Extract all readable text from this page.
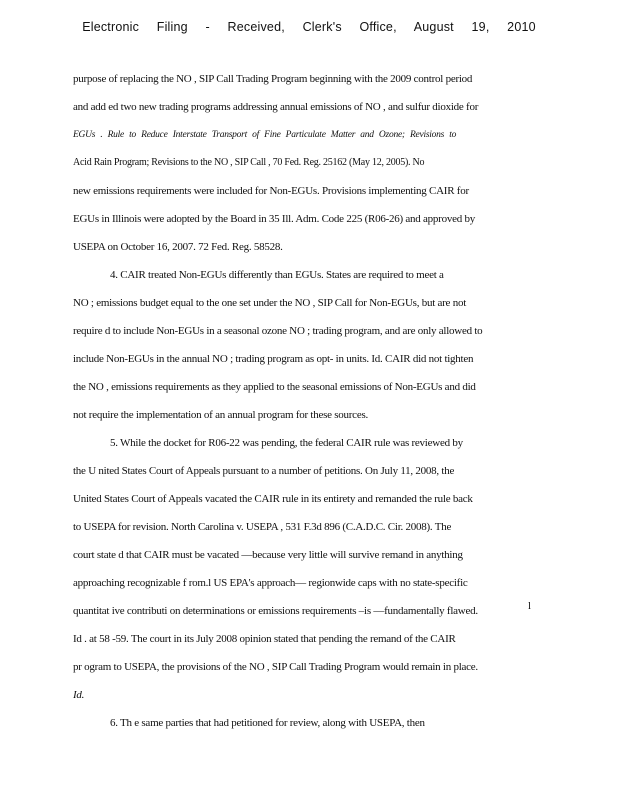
Electronic Filing - Received, Clerk's Office, August 19, 2010
purpose of replacing the NO , SIP Call Trading Program beginning with the 2009 control period
and add ed two new trading programs addressing annual emissions of NO , and sulfur dioxide for
EGUs . Rule to Reduce Interstate Transport of Fine Particulate Matter and Ozone; Revisions to
Acid Rain Program; Revisions to the NO , SIP Call , 70 Fed. Reg. 25162 (May 12, 2005). No
new emissions requirements were included for Non-EGUs. Provisions implementing CAIR for
EGUs in Illinois were adopted by the Board in 35 Ill. Adm. Code 225 (R06-26) and approved by
USEPA on October 16, 2007. 72 Fed. Reg. 58528.
4. CAIR treated Non-EGUs differently than EGUs. States are required to meet a
NO ; emissions budget equal to the one set under the NO , SIP Call for Non-EGUs, but are not
require d to include Non-EGUs in a seasonal ozone NO ; trading program, and are only allowed to
include Non-EGUs in the annual NO ; trading program as opt- in units. Id. CAIR did not tighten
the NO , emissions requirements as they applied to the seasonal emissions of Non-EGUs and did
not require the implementation of an annual program for these sources.
5. While the docket for R06-22 was pending, the federal CAIR rule was reviewed by
the U nited States Court of Appeals pursuant to a number of petitions. On July 11, 2008, the
United States Court of Appeals vacated the CAIR rule in its entirety and remanded the rule back
to USEPA for revision. North Carolina v. USEPA , 531 F.3d 896 (C.A.D.C. Cir. 2008). The
court state d that CAIR must be vacated —because very little will survive remand in anything
approaching recognizable f rom.l US EPA's approach— regionwide caps with no state-specific
quantitat ive contributi on determinations or emissions requirements –is —fundamentally flawed.
Id . at 58 -59. The court in its July 2008 opinion stated that pending the remand of the CAIR
pr ogram to USEPA, the provisions of the NO , SIP Call Trading Program would remain in place.
Id.
6. Th e same parties that had petitioned for review, along with USEPA, then
l
